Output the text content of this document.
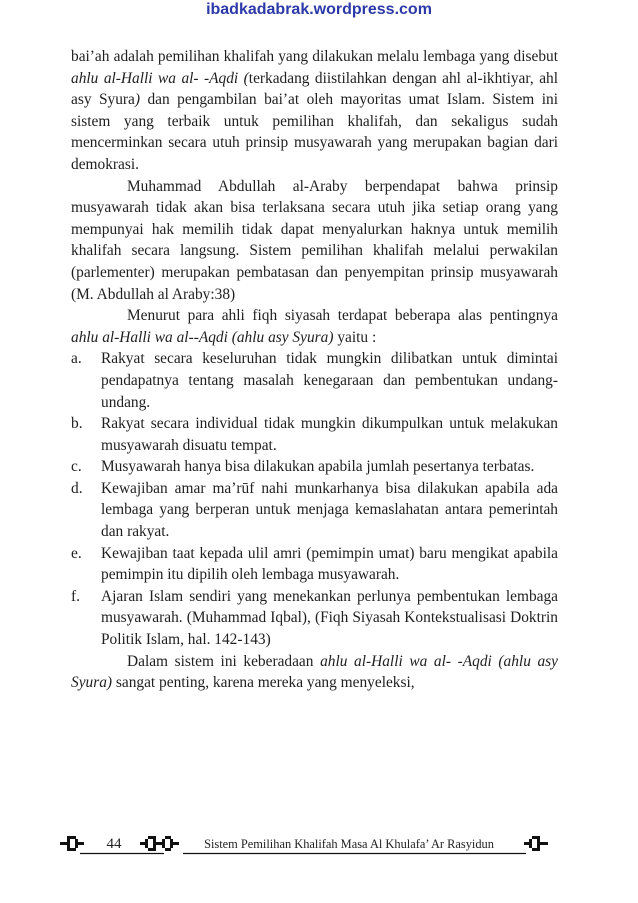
ibadkadabrak.wordpress.com

bai’ah adalah pemilihan khalifah yang dilakukan melalu lembaga yang disebut ahlu al-Halli wa al- -Aqdi (terkadang diistilahkan dengan ahl al-ikhtiyar, ahl asy Syura) dan pengambilan bai’at oleh mayoritas umat Islam. Sistem ini sistem yang terbaik untuk pemilihan khalifah, dan sekaligus sudah mencerminkan secara utuh prinsip musyawarah yang merupakan bagian dari demokrasi.

Muhammad Abdullah al-Araby berpendapat bahwa prinsip musyawarah tidak akan bisa terlaksana secara utuh jika setiap orang yang mempunyai hak memilih tidak dapat menyalurkan haknya untuk memilih khalifah secara langsung. Sistem pemilihan khalifah melalui perwakilan (parlementer) merupakan pembatasan dan penyempitan prinsip musyawarah (M. Abdullah al Araby:38)

Menurut para ahli fiqh siyasah terdapat beberapa alas pentingnya ahlu al-Halli wa al--Aqdi (ahlu asy Syura) yaitu :

a. Rakyat secara keseluruhan tidak mungkin dilibatkan untuk dimintai pendapatnya tentang masalah kenegaraan dan pembentukan undang-undang.
b. Rakyat secara individual tidak mungkin dikumpulkan untuk melakukan musyawarah disuatu tempat.
c. Musyawarah hanya bisa dilakukan apabila jumlah pesertanya terbatas.
d. Kewajiban amar ma’rūf nahi munkarhanya bisa dilakukan apabila ada lembaga yang berperan untuk menjaga kemaslahatan antara pemerintah dan rakyat.
e. Kewajiban taat kepada ulil amri (pemimpin umat) baru mengikat apabila pemimpin itu dipilih oleh lembaga musyawarah.
f. Ajaran Islam sendiri yang menekankan perlunya pembentukan lembaga musyawarah. (Muhammad Iqbal), (Fiqh Siyasah Kontekstualisasi Doktrin Politik Islam, hal. 142-143)

Dalam sistem ini keberadaan ahlu al-Halli wa al- -Aqdi (ahlu asy Syura) sangat penting, karena mereka yang menyeleksi,

44	Sistem Pemilihan Khalifah Masa Al Khulafa’ Ar Rasyidun
